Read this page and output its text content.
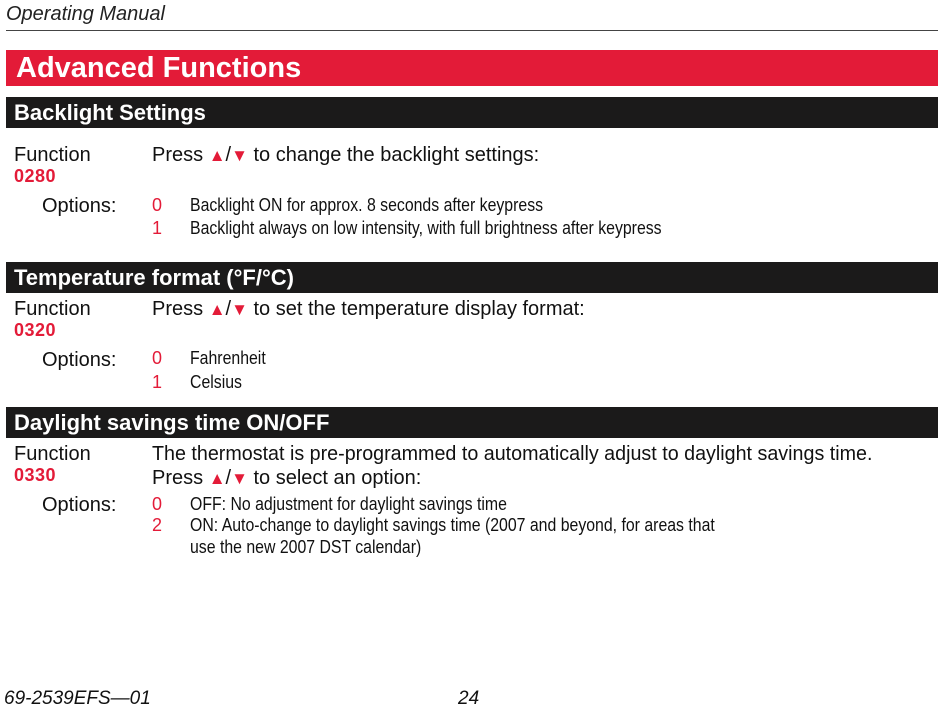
Operating Manual
Advanced Functions
Backlight Settings
Function
0280
Press ▲/▼ to change the backlight settings:
Options: 0 Backlight ON for approx. 8 seconds after keypress
1 Backlight always on low intensity, with full brightness after keypress
Temperature format (°F/°C)
Function
0320
Press ▲/▼ to set the temperature display format:
Options: 0 Fahrenheit
1 Celsius
Daylight savings time ON/OFF
Function
0330
The thermostat is pre-programmed to automatically adjust to daylight savings time.
Press ▲/▼ to select an option:
Options: 0 OFF: No adjustment for daylight savings time
2 ON: Auto-change to daylight savings time (2007 and beyond, for areas that
use the new 2007 DST calendar)
69-2539EFS—01	24
